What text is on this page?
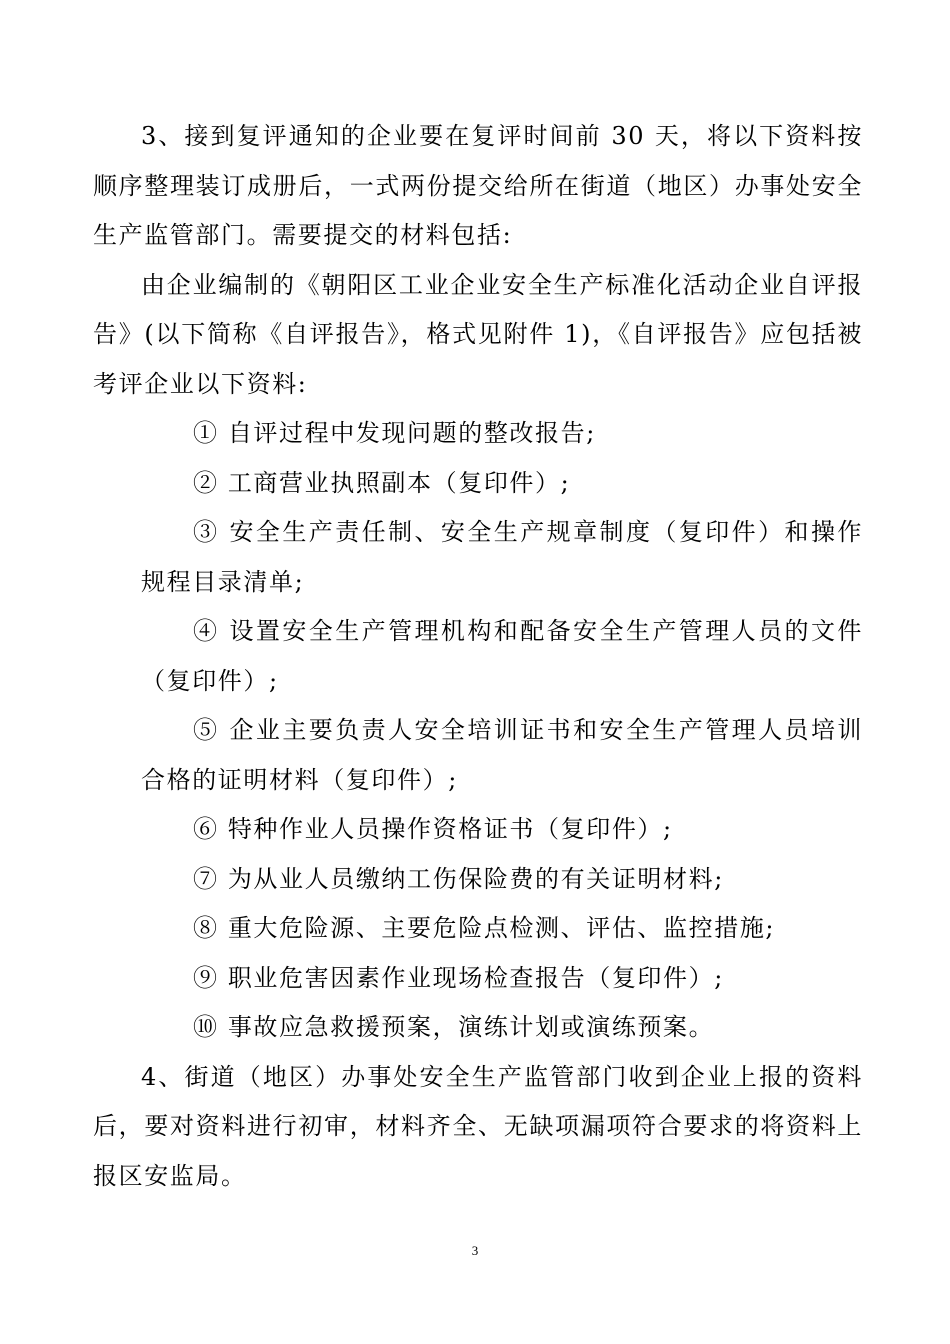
3、接到复评通知的企业要在复评时间前 30 天，将以下资料按顺序整理装订成册后，一式两份提交给所在街道（地区）办事处安全生产监管部门。需要提交的材料包括:

由企业编制的《朝阳区工业企业安全生产标准化活动企业自评报告》(以下简称《自评报告》，格式见附件 1)，《自评报告》应包括被考评企业以下资料:

① 自评过程中发现问题的整改报告;

② 工商营业执照副本（复印件）;

③ 安全生产责任制、安全生产规章制度（复印件）和操作规程目录清单;

④ 设置安全生产管理机构和配备安全生产管理人员的文件（复印件）;

⑤ 企业主要负责人安全培训证书和安全生产管理人员培训合格的证明材料（复印件）;

⑥ 特种作业人员操作资格证书（复印件）;

⑦ 为从业人员缴纳工伤保险费的有关证明材料;

⑧ 重大危险源、主要危险点检测、评估、监控措施;

⑨ 职业危害因素作业现场检查报告（复印件）;

⑩ 事故应急救援预案，演练计划或演练预案。

4、街道（地区）办事处安全生产监管部门收到企业上报的资料后，要对资料进行初审，材料齐全、无缺项漏项符合要求的将资料上报区安监局。

3
